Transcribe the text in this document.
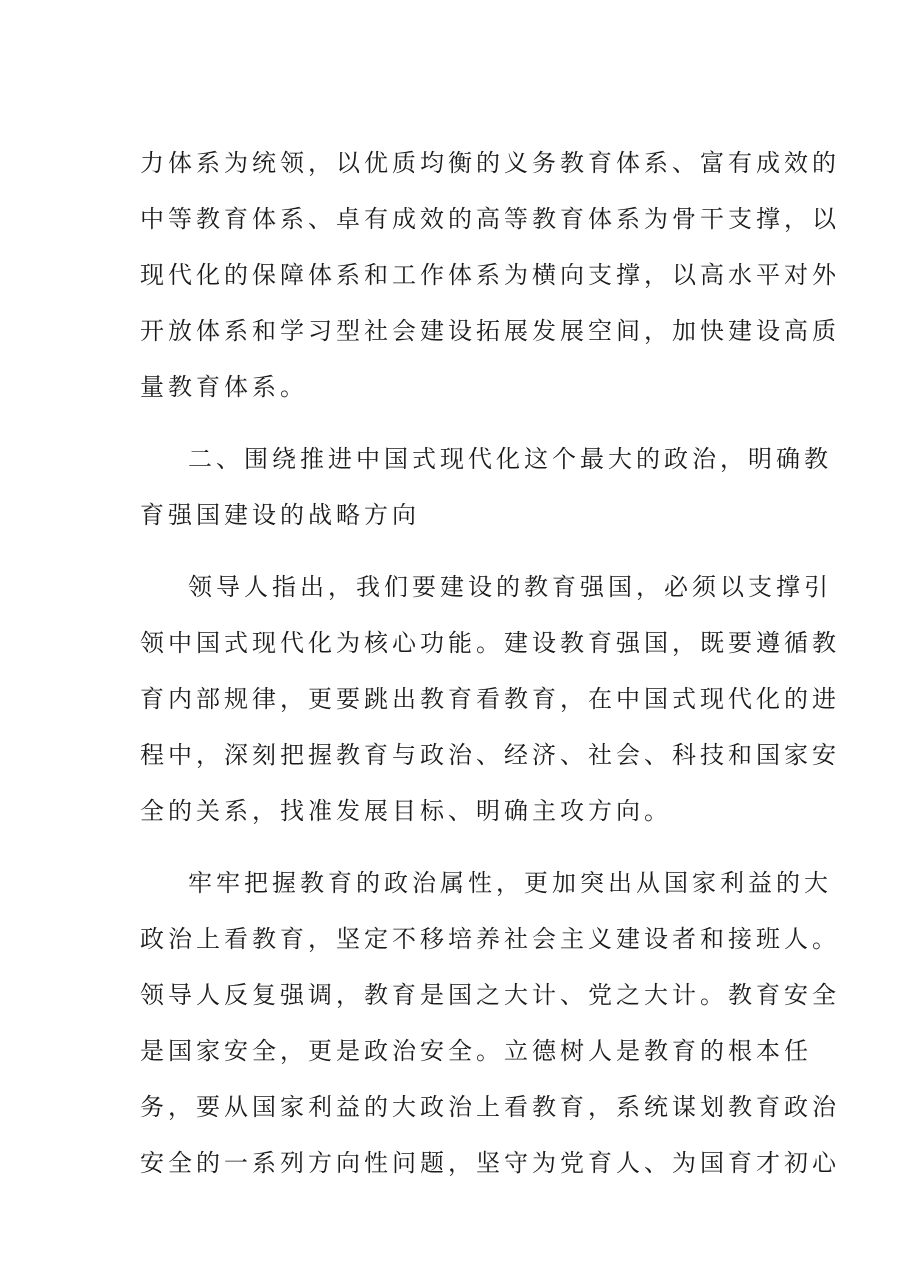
力体系为统领，以优质均衡的义务教育体系、富有成效的
中等教育体系、卓有成效的高等教育体系为骨干支撑，以
现代化的保障体系和工作体系为横向支撑，以高水平对外
开放体系和学习型社会建设拓展发展空间，加快建设高质
量教育体系。
二、围绕推进中国式现代化这个最大的政治，明确教
育强国建设的战略方向
领导人指出，我们要建设的教育强国，必须以支撑引
领中国式现代化为核心功能。建设教育强国，既要遵循教
育内部规律，更要跳出教育看教育，在中国式现代化的进
程中，深刻把握教育与政治、经济、社会、科技和国家安
全的关系，找准发展目标、明确主攻方向。
牢牢把握教育的政治属性，更加突出从国家利益的大
政治上看教育，坚定不移培养社会主义建设者和接班人。
领导人反复强调，教育是国之大计、党之大计。教育安全
是国家安全，更是政治安全。立德树人是教育的根本任
务，要从国家利益的大政治上看教育，系统谋划教育政治
安全的一系列方向性问题，坚守为党育人、为国育才初心
